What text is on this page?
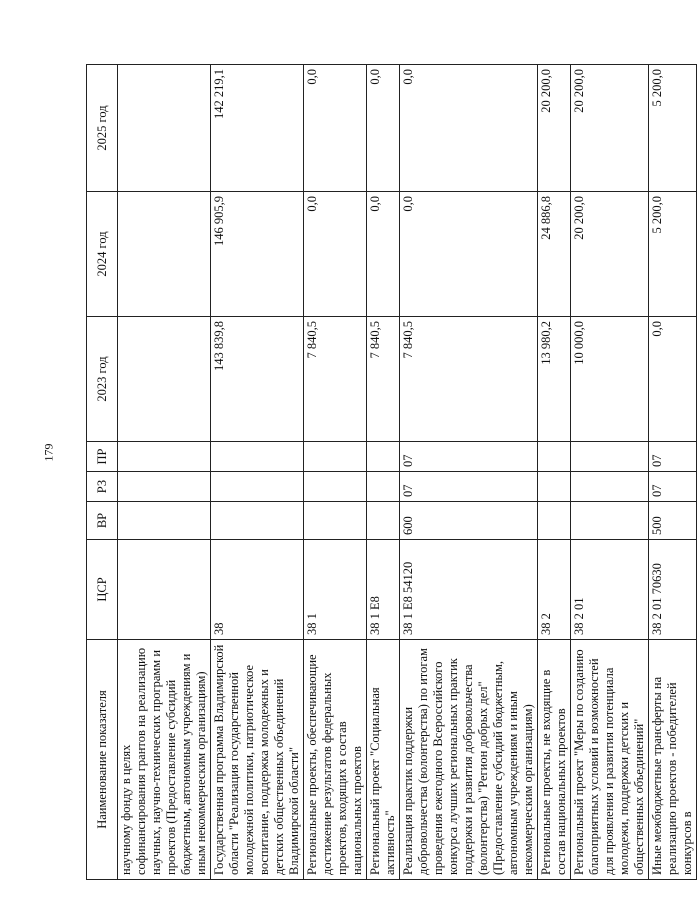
179
Наименование показателя	ЦСР	ВР	РЗ	ПР	2023 год	2024 год	2025 год
научному фонду в целях софинансирования грантов на реализацию научных, научно-технических программ и проектов (Предоставление субсидий бюджетным, автономным учреждениям и иным некоммерческим организациям)							
Государственная программа Владимирской области "Реализация государственной молодежной политики, патриотическое воспитание, поддержка молодежных и детских общественных объединений Владимирской области"	38				143 839,8	146 905,9	142 219,1
Региональные проекты, обеспечивающие достижение результатов федеральных проектов, входящих в состав национальных проектов	38 1				7 840,5	0,0	0,0
Региональный проект "Социальная активность"	38 1 Е8				7 840,5	0,0	0,0
Реализация практик поддержки добровольчества (волонтерства) по итогам проведения ежегодного Всероссийского конкурса лучших региональных практик поддержки и развития добровольчества (волонтерства) "Регион добрых дел" (Предоставление субсидий бюджетным, автономным учреждениям и иным некоммерческим организациям)	38 1 Е8 54120	600	07	07	7 840,5	0,0	0,0
Региональные проекты, не входящие в состав национальных проектов	38 2				13 980,2	24 886,8	20 200,0
Региональный проект "Меры по созданию благоприятных условий и возможностей для проявления и развития потенциала молодежи, поддержки детских и общественных объединений"	38 2 01				10 000,0	20 200,0	20 200,0
Иные межбюджетные трансферты на реализацию проектов - победителей конкурсов в	38 2 01 70630	500	07	07	0,0	5 200,0	5 200,0
